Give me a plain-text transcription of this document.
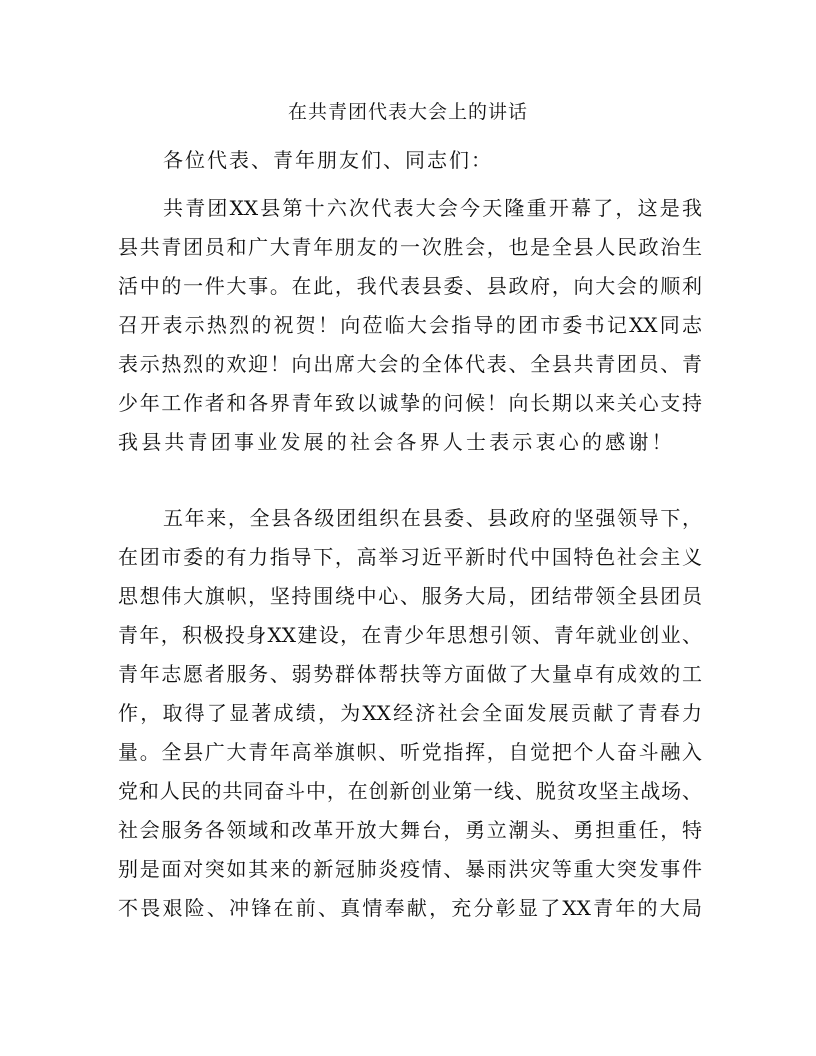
在共青团代表大会上的讲话
各位代表、青年朋友们、同志们：
共青团XX县第十六次代表大会今天隆重开幕了，这是我
县共青团员和广大青年朋友的一次胜会，也是全县人民政治生
活中的一件大事。在此，我代表县委、县政府，向大会的顺利
召开表示热烈的祝贺！向莅临大会指导的团市委书记XX同志
表示热烈的欢迎！向出席大会的全体代表、全县共青团员、青
少年工作者和各界青年致以诚挚的问候！向长期以来关心支持
我县共青团事业发展的社会各界人士表示衷心的感谢！
五年来，全县各级团组织在县委、县政府的坚强领导下，
在团市委的有力指导下，高举习近平新时代中国特色社会主义
思想伟大旗帜，坚持围绕中心、服务大局，团结带领全县团员
青年，积极投身XX建设，在青少年思想引领、青年就业创业、
青年志愿者服务、弱势群体帮扶等方面做了大量卓有成效的工
作，取得了显著成绩，为XX经济社会全面发展贡献了青春力
量。全县广大青年高举旗帜、听党指挥，自觉把个人奋斗融入
党和人民的共同奋斗中，在创新创业第一线、脱贫攻坚主战场、
社会服务各领域和改革开放大舞台，勇立潮头、勇担重任，特
别是面对突如其来的新冠肺炎疫情、暴雨洪灾等重大突发事件
不畏艰险、冲锋在前、真情奉献，充分彰显了XX青年的大局
